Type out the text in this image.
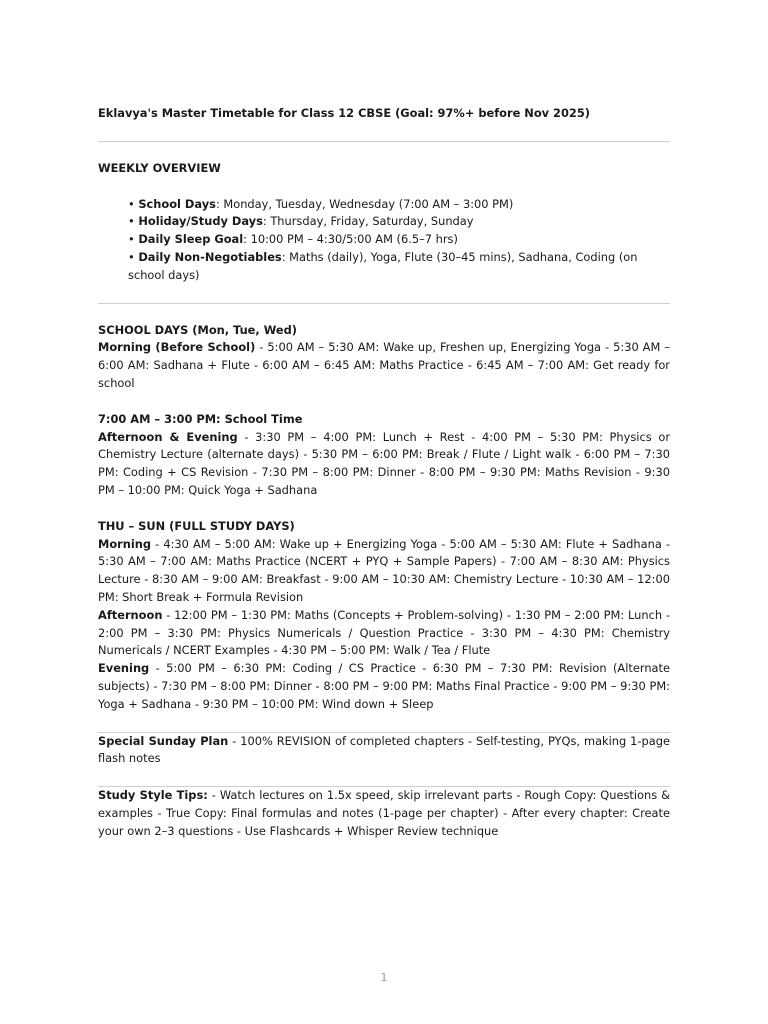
Eklavya's Master Timetable for Class 12 CBSE (Goal: 97%+ before Nov 2025)

WEEKLY OVERVIEW

• School Days: Monday, Tuesday, Wednesday (7:00 AM – 3:00 PM)
• Holiday/Study Days: Thursday, Friday, Saturday, Sunday
• Daily Sleep Goal: 10:00 PM – 4:30/5:00 AM (6.5–7 hrs)
• Daily Non-Negotiables: Maths (daily), Yoga, Flute (30–45 mins), Sadhana, Coding (on school days)

SCHOOL DAYS (Mon, Tue, Wed)

Morning (Before School) - 5:00 AM – 5:30 AM: Wake up, Freshen up, Energizing Yoga - 5:30 AM – 6:00 AM: Sadhana + Flute - 6:00 AM – 6:45 AM: Maths Practice - 6:45 AM – 7:00 AM: Get ready for school

7:00 AM – 3:00 PM: School Time

Afternoon & Evening - 3:30 PM – 4:00 PM: Lunch + Rest - 4:00 PM – 5:30 PM: Physics or Chemistry Lecture (alternate days) - 5:30 PM – 6:00 PM: Break / Flute / Light walk - 6:00 PM – 7:30 PM: Coding + CS Revision - 7:30 PM – 8:00 PM: Dinner - 8:00 PM – 9:30 PM: Maths Revision - 9:30 PM – 10:00 PM: Quick Yoga + Sadhana

THU – SUN (FULL STUDY DAYS)

Morning - 4:30 AM – 5:00 AM: Wake up + Energizing Yoga - 5:00 AM – 5:30 AM: Flute + Sadhana - 5:30 AM – 7:00 AM: Maths Practice (NCERT + PYQ + Sample Papers) - 7:00 AM – 8:30 AM: Physics Lecture - 8:30 AM – 9:00 AM: Breakfast - 9:00 AM – 10:30 AM: Chemistry Lecture - 10:30 AM – 12:00 PM: Short Break + Formula Revision

Afternoon - 12:00 PM – 1:30 PM: Maths (Concepts + Problem-solving) - 1:30 PM – 2:00 PM: Lunch - 2:00 PM – 3:30 PM: Physics Numericals / Question Practice - 3:30 PM – 4:30 PM: Chemistry Numericals / NCERT Examples - 4:30 PM – 5:00 PM: Walk / Tea / Flute

Evening - 5:00 PM – 6:30 PM: Coding / CS Practice - 6:30 PM – 7:30 PM: Revision (Alternate subjects) - 7:30 PM – 8:00 PM: Dinner - 8:00 PM – 9:00 PM: Maths Final Practice - 9:00 PM – 9:30 PM: Yoga + Sadhana - 9:30 PM – 10:00 PM: Wind down + Sleep

Special Sunday Plan - 100% REVISION of completed chapters - Self-testing, PYQs, making 1-page flash notes

Study Style Tips: - Watch lectures on 1.5x speed, skip irrelevant parts - Rough Copy: Questions & examples - True Copy: Final formulas and notes (1-page per chapter) - After every chapter: Create your own 2–3 questions - Use Flashcards + Whisper Review technique

1
